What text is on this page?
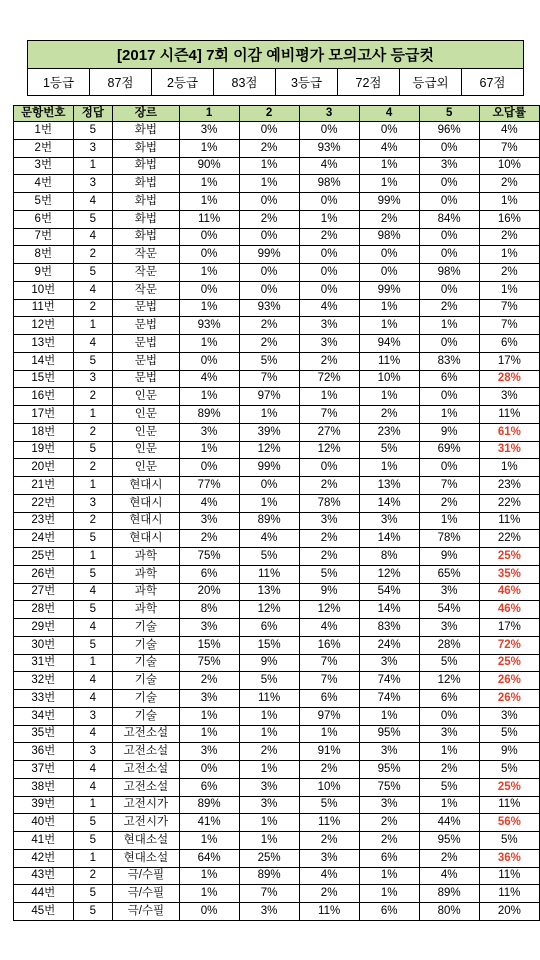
[2017 시즌4] 7회 이감 예비평가 모의고사 등급컷
1등급	87점	2등급	83점	3등급	72점	등급외	67점
문항번호	정답	장르	1	2	3	4	5	오답률
1번	5	화법	3%	0%	0%	0%	96%	4%
2번	3	화법	1%	2%	93%	4%	0%	7%
3번	1	화법	90%	1%	4%	1%	3%	10%
4번	3	화법	1%	1%	98%	1%	0%	2%
5번	4	화법	1%	0%	0%	99%	0%	1%
6번	5	화법	11%	2%	1%	2%	84%	16%
7번	4	화법	0%	0%	2%	98%	0%	2%
8번	2	작문	0%	99%	0%	0%	0%	1%
9번	5	작문	1%	0%	0%	0%	98%	2%
10번	4	작문	0%	0%	0%	99%	0%	1%
11번	2	문법	1%	93%	4%	1%	2%	7%
12번	1	문법	93%	2%	3%	1%	1%	7%
13번	4	문법	1%	2%	3%	94%	0%	6%
14번	5	문법	0%	5%	2%	11%	83%	17%
15번	3	문법	4%	7%	72%	10%	6%	28%
16번	2	인문	1%	97%	1%	1%	0%	3%
17번	1	인문	89%	1%	7%	2%	1%	11%
18번	2	인문	3%	39%	27%	23%	9%	61%
19번	5	인문	1%	12%	12%	5%	69%	31%
20번	2	인문	0%	99%	0%	1%	0%	1%
21번	1	현대시	77%	0%	2%	13%	7%	23%
22번	3	현대시	4%	1%	78%	14%	2%	22%
23번	2	현대시	3%	89%	3%	3%	1%	11%
24번	5	현대시	2%	4%	2%	14%	78%	22%
25번	1	과학	75%	5%	2%	8%	9%	25%
26번	5	과학	6%	11%	5%	12%	65%	35%
27번	4	과학	20%	13%	9%	54%	3%	46%
28번	5	과학	8%	12%	12%	14%	54%	46%
29번	4	기술	3%	6%	4%	83%	3%	17%
30번	5	기술	15%	15%	16%	24%	28%	72%
31번	1	기술	75%	9%	7%	3%	5%	25%
32번	4	기술	2%	5%	7%	74%	12%	26%
33번	4	기술	3%	11%	6%	74%	6%	26%
34번	3	기술	1%	1%	97%	1%	0%	3%
35번	4	고전소설	1%	1%	1%	95%	3%	5%
36번	3	고전소설	3%	2%	91%	3%	1%	9%
37번	4	고전소설	0%	1%	2%	95%	2%	5%
38번	4	고전소설	6%	3%	10%	75%	5%	25%
39번	1	고전시가	89%	3%	5%	3%	1%	11%
40번	5	고전시가	41%	1%	11%	2%	44%	56%
41번	5	현대소설	1%	1%	2%	2%	95%	5%
42번	1	현대소설	64%	25%	3%	6%	2%	36%
43번	2	극/수필	1%	89%	4%	1%	4%	11%
44번	5	극/수필	1%	7%	2%	1%	89%	11%
45번	5	극/수필	0%	3%	11%	6%	80%	20%
